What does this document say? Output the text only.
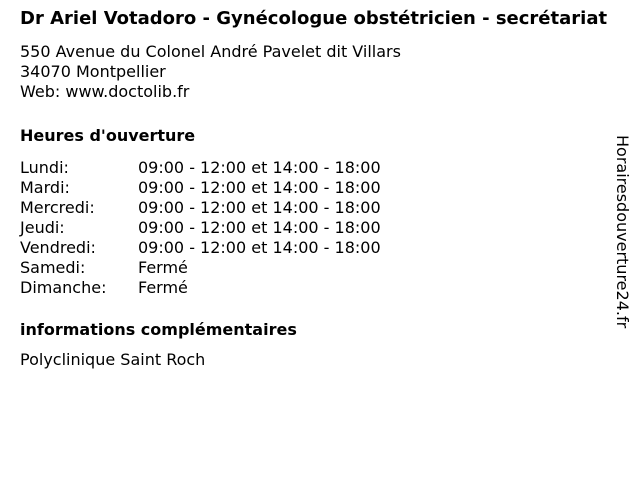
Dr Ariel Votadoro - Gynécologue obstétricien - secrétariat
550 Avenue du Colonel André Pavelet dit Villars
34070 Montpellier
Web: www.doctolib.fr
Heures d'ouverture
Lundi:	09:00 - 12:00 et 14:00 - 18:00
Mardi:	09:00 - 12:00 et 14:00 - 18:00
Mercredi:	09:00 - 12:00 et 14:00 - 18:00
Jeudi:	09:00 - 12:00 et 14:00 - 18:00
Vendredi:	09:00 - 12:00 et 14:00 - 18:00
Samedi:	Fermé
Dimanche:	Fermé
informations complémentaires
Polyclinique Saint Roch
Horairesdouverture24.fr
